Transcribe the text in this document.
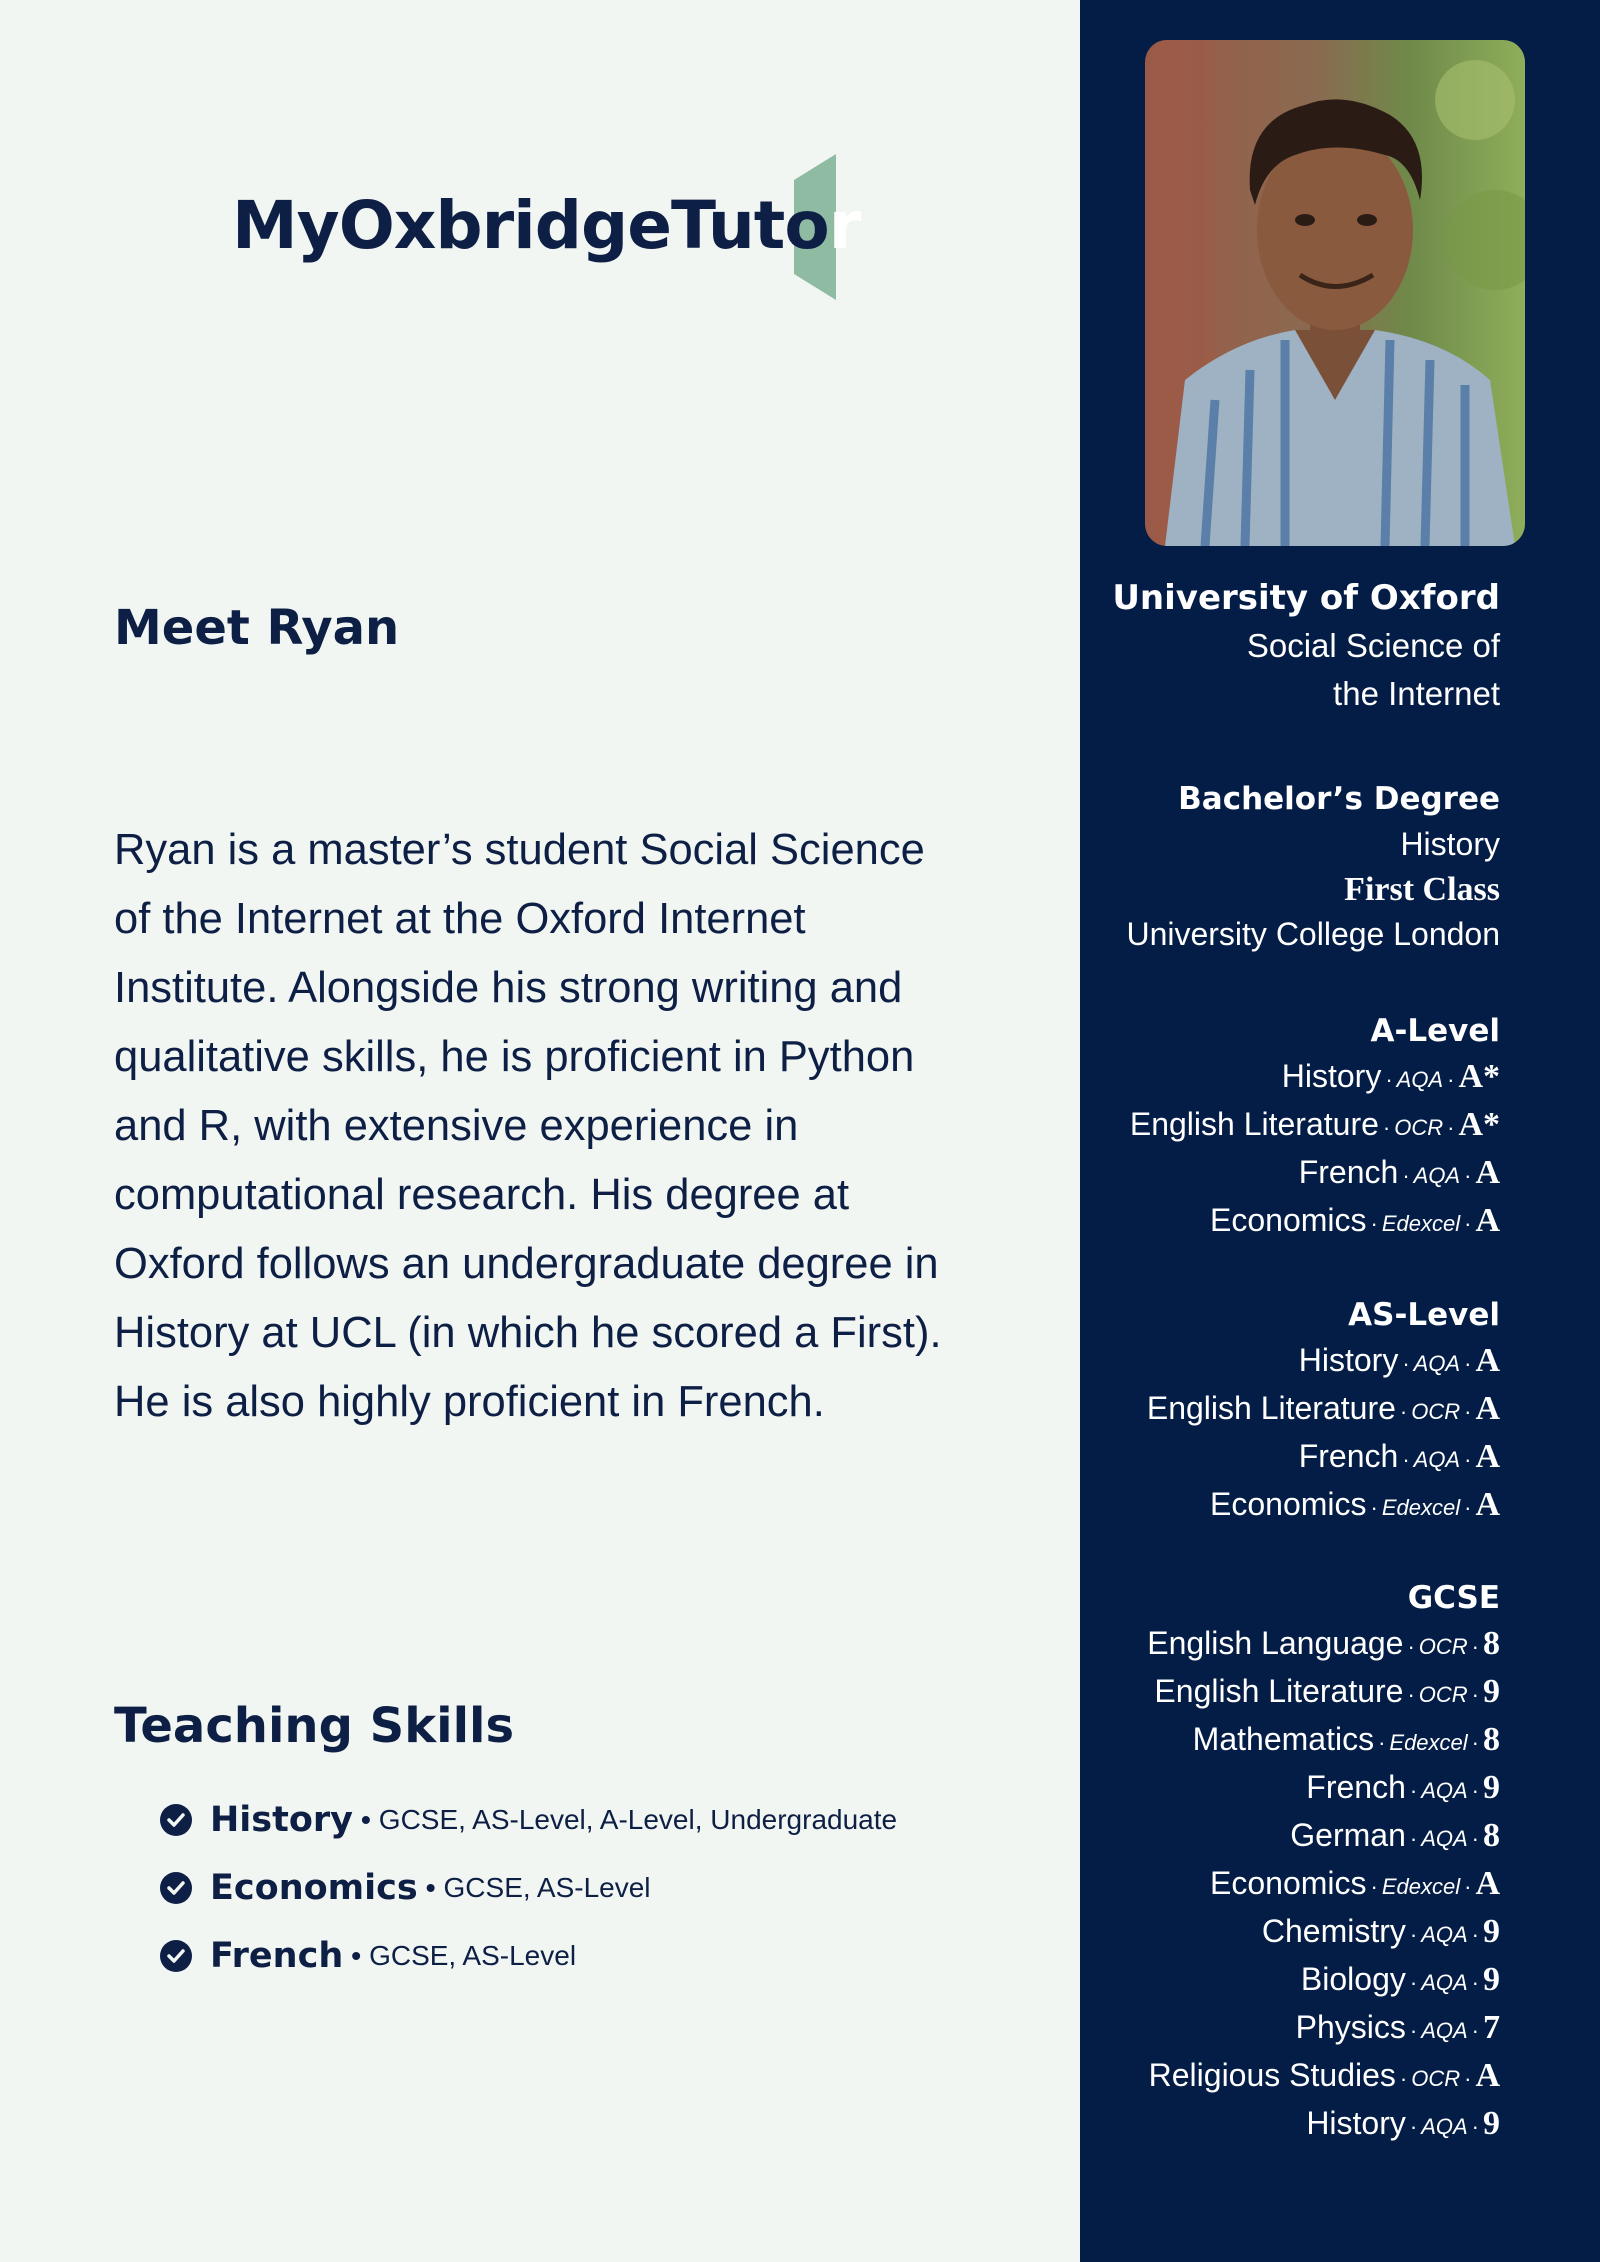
MyOxbridgeTutor
Meet Ryan

Ryan is a master’s student Social Science of the Internet at the Oxford Internet Institute. Alongside his strong writing and qualitative skills, he is proficient in Python and R, with extensive experience in computational research. His degree at Oxford follows an undergraduate degree in History at UCL (in which he scored a First). He is also highly proficient in French.

Teaching Skills
History • GCSE, AS-Level, A-Level, Undergraduate
Economics • GCSE, AS-Level
French • GCSE, AS-Level
University of Oxford
Social Science of
the Internet
Bachelor’s Degree
History
First Class
University College London
A-Level
History · AQA · A*
English Literature · OCR · A*
French · AQA · A
Economics · Edexcel · A
AS-Level
History · AQA · A
English Literature · OCR · A
French · AQA · A
Economics · Edexcel · A
GCSE
English Language · OCR · 8
English Literature · OCR · 9
Mathematics · Edexcel · 8
French · AQA · 9
German · AQA · 8
Economics · Edexcel · A
Chemistry · AQA · 9
Biology · AQA · 9
Physics · AQA · 7
Religious Studies · OCR · A
History · AQA · 9
